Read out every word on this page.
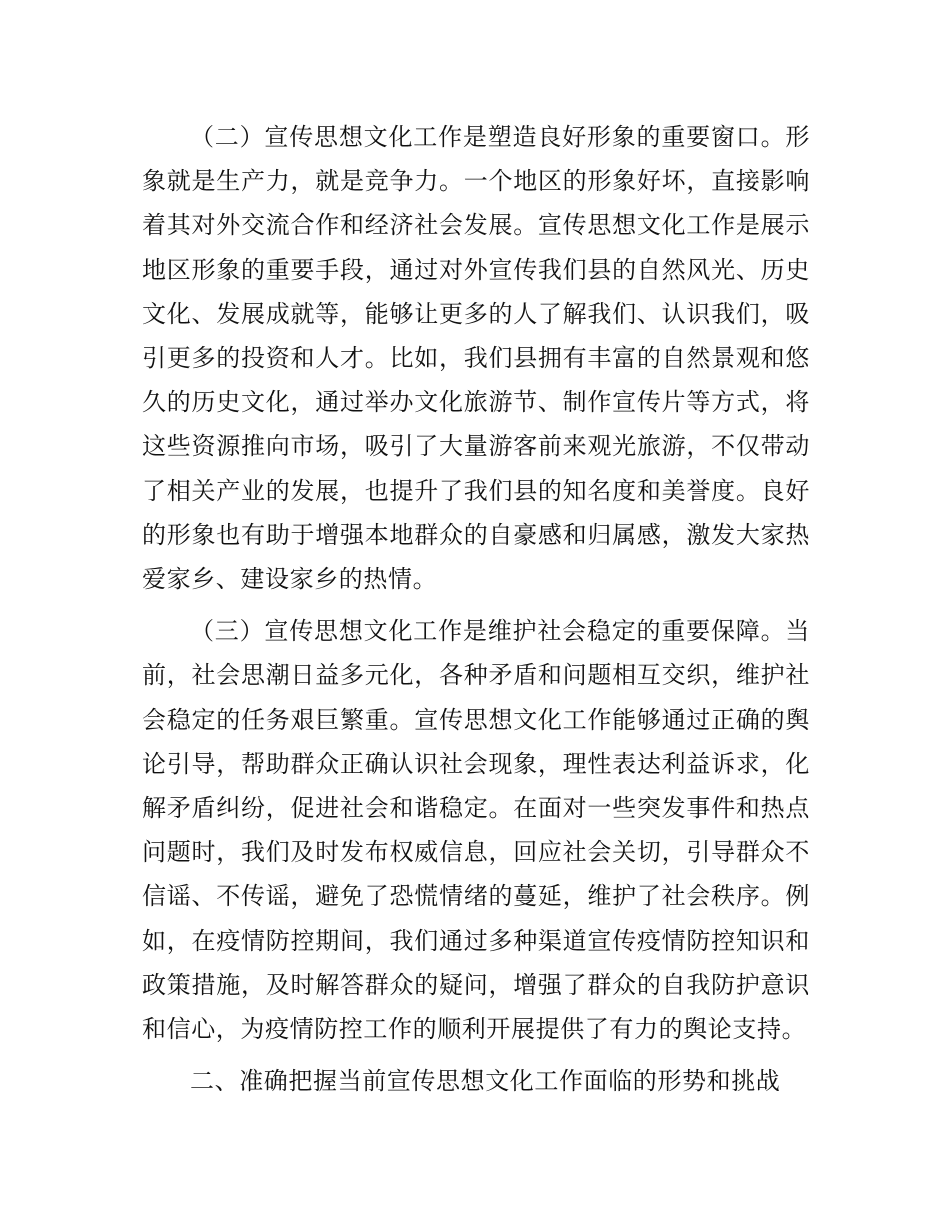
（二）宣传思想文化工作是塑造良好形象的重要窗口。形象就是生产力，就是竞争力。一个地区的形象好坏，直接影响着其对外交流合作和经济社会发展。宣传思想文化工作是展示地区形象的重要手段，通过对外宣传我们县的自然风光、历史文化、发展成就等，能够让更多的人了解我们、认识我们，吸引更多的投资和人才。比如，我们县拥有丰富的自然景观和悠久的历史文化，通过举办文化旅游节、制作宣传片等方式，将这些资源推向市场，吸引了大量游客前来观光旅游，不仅带动了相关产业的发展，也提升了我们县的知名度和美誉度。良好的形象也有助于增强本地群众的自豪感和归属感，激发大家热爱家乡、建设家乡的热情。

（三）宣传思想文化工作是维护社会稳定的重要保障。当前，社会思潮日益多元化，各种矛盾和问题相互交织，维护社会稳定的任务艰巨繁重。宣传思想文化工作能够通过正确的舆论引导，帮助群众正确认识社会现象，理性表达利益诉求，化解矛盾纠纷，促进社会和谐稳定。在面对一些突发事件和热点问题时，我们及时发布权威信息，回应社会关切，引导群众不信谣、不传谣，避免了恐慌情绪的蔓延，维护了社会秩序。例如，在疫情防控期间，我们通过多种渠道宣传疫情防控知识和政策措施，及时解答群众的疑问，增强了群众的自我防护意识和信心，为疫情防控工作的顺利开展提供了有力的舆论支持。

二、准确把握当前宣传思想文化工作面临的形势和挑战
